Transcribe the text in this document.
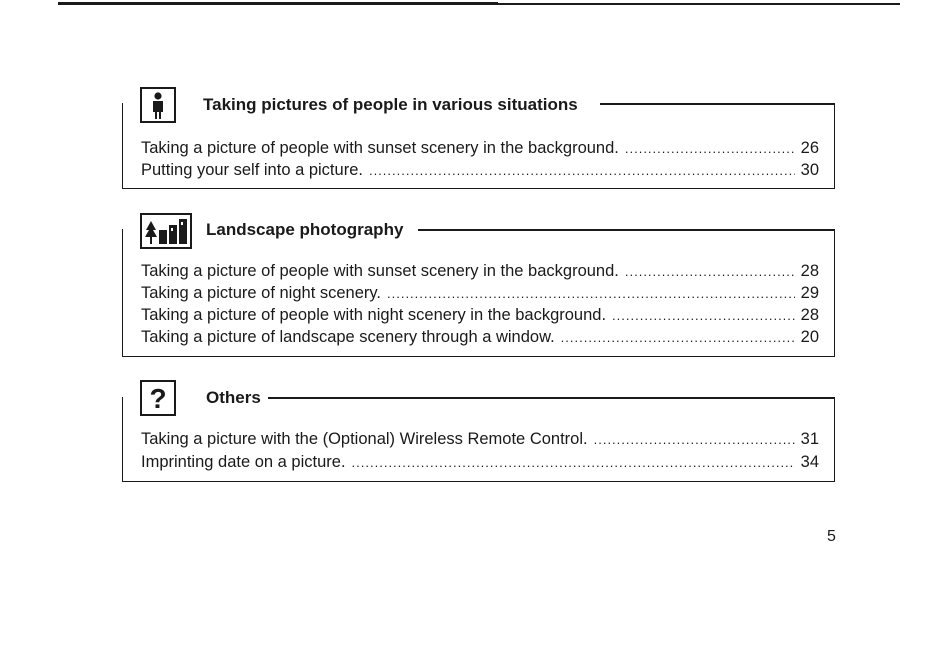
Taking pictures of people in various situations
Taking a picture of people with sunset scenery in the background. .....	26
Putting your self into a picture. .....	30
Landscape photography
Taking a picture of people with sunset scenery in the background. .....	28
Taking a picture of night scenery. .....	29
Taking a picture of people with night scenery in the background. .....	28
Taking a picture of landscape scenery through a window. .....	20
? Others
Taking a picture with the (Optional) Wireless Remote Control. .....	31
Imprinting date on a picture. .....	34
5
